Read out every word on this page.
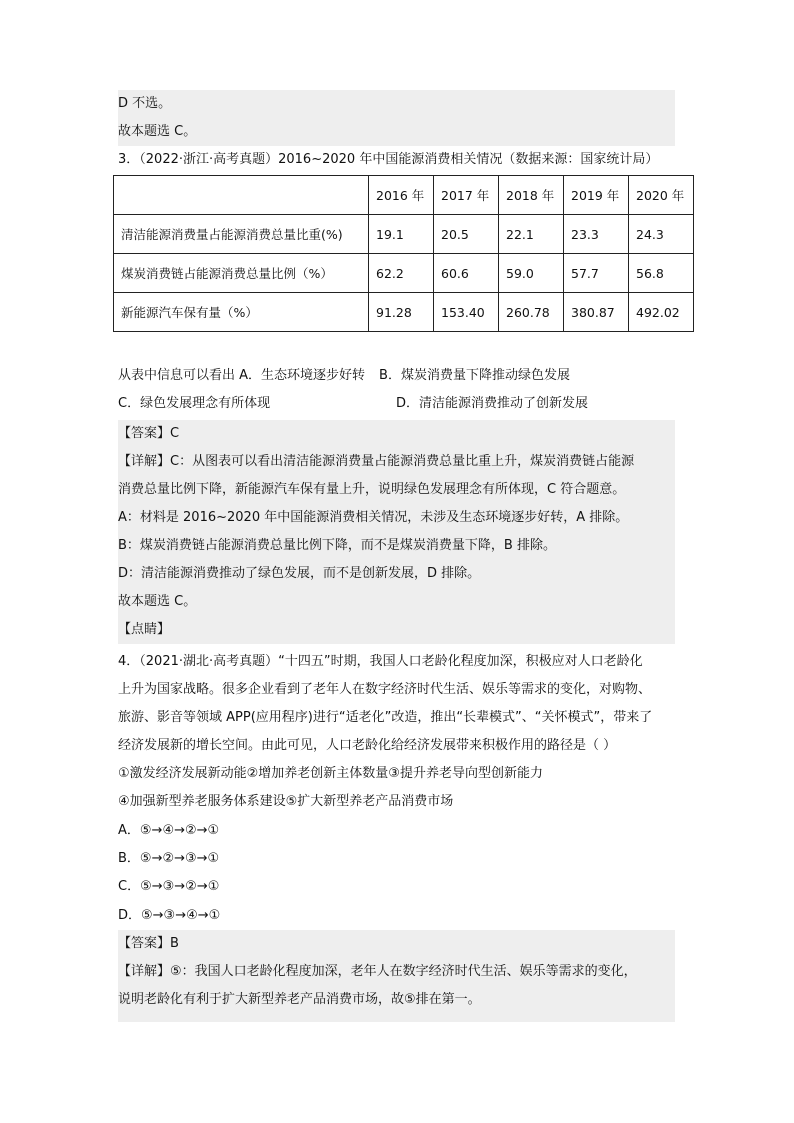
D 不选。
故本题选 C。
3．（2022·浙江·高考真题）2016~2020 年中国能源消费相关情况（数据来源：国家统计局）
	2016 年	2017 年	2018 年	2019 年	2020 年
清洁能源消费量占能源消费总量比重(%)	19.1	20.5	22.1	23.3	24.3
煤炭消费链占能源消费总量比例（%）	62.2	60.6	59.0	57.7	56.8
新能源汽车保有量（%）	91.28	153.40	260.78	380.87	492.02
从表中信息可以看出 A．生态环境逐步好转 B．煤炭消费量下降推动绿色发展
C．绿色发展理念有所体现	D．清洁能源消费推动了创新发展
【答案】C
【详解】C：从图表可以看出清洁能源消费量占能源消费总量比重上升，煤炭消费链占能源
消费总量比例下降，新能源汽车保有量上升，说明绿色发展理念有所体现，C 符合题意。
A：材料是 2016~2020 年中国能源消费相关情况，未涉及生态环境逐步好转，A 排除。
B：煤炭消费链占能源消费总量比例下降，而不是煤炭消费量下降，B 排除。
D：清洁能源消费推动了绿色发展，而不是创新发展，D 排除。
故本题选 C。
【点睛】
4．（2021·湖北·高考真题）“十四五”时期，我国人口老龄化程度加深，积极应对人口老龄化
上升为国家战略。很多企业看到了老年人在数字经济时代生活、娱乐等需求的变化，对购物、
旅游、影音等领域 APP(应用程序)进行“适老化”改造，推出“长辈模式”、“关怀模式”，带来了
经济发展新的增长空间。由此可见，人口老龄化给经济发展带来积极作用的路径是（ ）
①激发经济发展新动能②增加养老创新主体数量③提升养老导向型创新能力
④加强新型养老服务体系建设⑤扩大新型养老产品消费市场
A．⑤→④→②→①
B．⑤→②→③→①
C．⑤→③→②→①
D．⑤→③→④→①
【答案】B
【详解】⑤：我国人口老龄化程度加深，老年人在数字经济时代生活、娱乐等需求的变化，
说明老龄化有利于扩大新型养老产品消费市场，故⑤排在第一。
